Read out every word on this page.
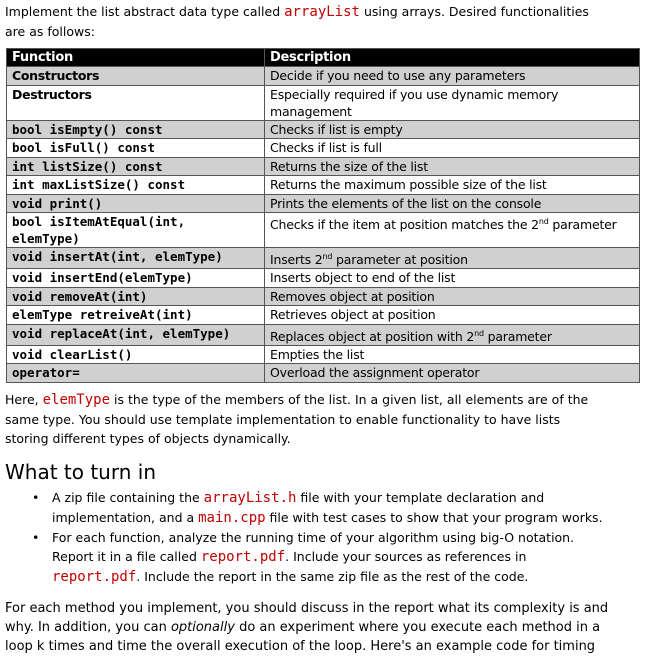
Implement the list abstract data type called arrayList using arrays. Desired functionalities are as follows:
Function	Description
Constructors	Decide if you need to use any parameters
Destructors	Especially required if you use dynamic memory management
bool isEmpty() const	Checks if list is empty
bool isFull() const	Checks if list is full
int listSize() const	Returns the size of the list
int maxListSize() const	Returns the maximum possible size of the list
void print()	Prints the elements of the list on the console
bool isItemAtEqual(int, elemType)	Checks if the item at position matches the 2nd parameter
void insertAt(int, elemType)	Inserts 2nd parameter at position
void insertEnd(elemType)	Inserts object to end of the list
void removeAt(int)	Removes object at position
elemType retreiveAt(int)	Retrieves object at position
void replaceAt(int, elemType)	Replaces object at position with 2nd parameter
void clearList()	Empties the list
operator=	Overload the assignment operator
Here, elemType is the type of the members of the list. In a given list, all elements are of the same type. You should use template implementation to enable functionality to have lists storing different types of objects dynamically.
What to turn in
• A zip file containing the arrayList.h file with your template declaration and implementation, and a main.cpp file with test cases to show that your program works.
• For each function, analyze the running time of your algorithm using big-O notation. Report it in a file called report.pdf. Include your sources as references in report.pdf. Include the report in the same zip file as the rest of the code.
For each method you implement, you should discuss in the report what its complexity is and why. In addition, you can optionally do an experiment where you execute each method in a loop k times and time the overall execution of the loop. Here's an example code for timing
